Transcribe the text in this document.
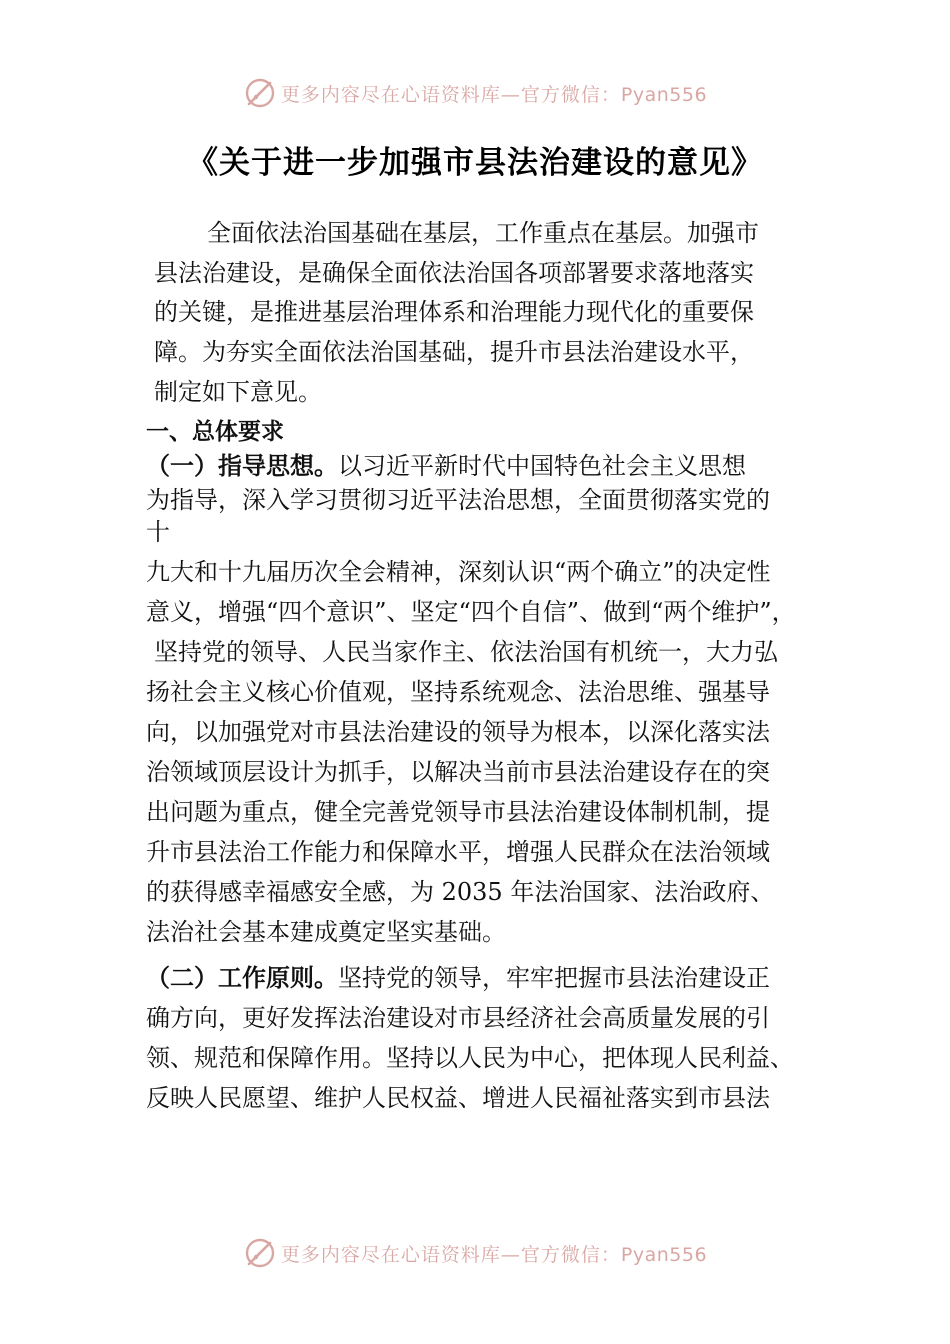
更多内容尽在心语资料库—官方微信：Pyan556
《关于进一步加强市县法治建设的意见》

全面依法治国基础在基层，工作重点在基层。加强市

县法治建设，是确保全面依法治国各项部署要求落地落实

的关键，是推进基层治理体系和治理能力现代化的重要保

障。为夯实全面依法治国基础，提升市县法治建设水平，

制定如下意见。

一、总体要求

（一）指导思想。以习近平新时代中国特色社会主义思想

为指导，深入学习贯彻习近平法治思想，全面贯彻落实党的

十

九大和十九届历次全会精神，深刻认识“两个确立”的决定性

意义，增强“四个意识”、坚定“四个自信”、做到“两个维护”，

坚持党的领导、人民当家作主、依法治国有机统一，大力弘

扬社会主义核心价值观，坚持系统观念、法治思维、强基导

向，以加强党对市县法治建设的领导为根本，以深化落实法

治领域顶层设计为抓手，以解决当前市县法治建设存在的突

出问题为重点，健全完善党领导市县法治建设体制机制，提

升市县法治工作能力和保障水平，增强人民群众在法治领域

的获得感幸福感安全感，为 2035 年法治国家、法治政府、

法治社会基本建成奠定坚实基础。

（二）工作原则。坚持党的领导，牢牢把握市县法治建设正

确方向，更好发挥法治建设对市县经济社会高质量发展的引

领、规范和保障作用。坚持以人民为中心，把体现人民利益、

反映人民愿望、维护人民权益、增进人民福祉落实到市县法

更多内容尽在心语资料库—官方微信：Pyan556
